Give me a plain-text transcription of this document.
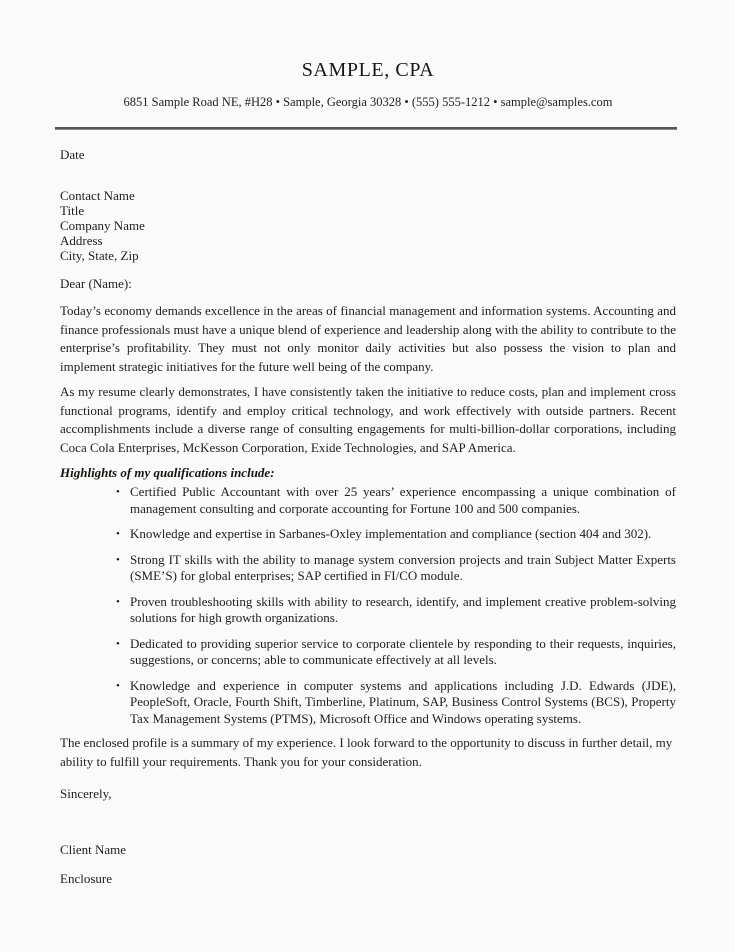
SAMPLE, CPA
6851 Sample Road NE, #H28 • Sample, Georgia 30328 • (555) 555-1212 • sample@samples.com
Date
Contact Name
Title
Company Name
Address
City, State, Zip
Dear (Name):

Today’s economy demands excellence in the areas of financial management and information systems. Accounting and finance professionals must have a unique blend of experience and leadership along with the ability to contribute to the enterprise’s profitability. They must not only monitor daily activities but also possess the vision to plan and implement strategic initiatives for the future well being of the company.

As my resume clearly demonstrates, I have consistently taken the initiative to reduce costs, plan and implement cross functional programs, identify and employ critical technology, and work effectively with outside partners. Recent accomplishments include a diverse range of consulting engagements for multi-billion-dollar corporations, including Coca Cola Enterprises, McKesson Corporation, Exide Technologies, and SAP America.

Highlights of my qualifications include:
• Certified Public Accountant with over 25 years’ experience encompassing a unique combination of management consulting and corporate accounting for Fortune 100 and 500 companies.
• Knowledge and expertise in Sarbanes-Oxley implementation and compliance (section 404 and 302).
• Strong IT skills with the ability to manage system conversion projects and train Subject Matter Experts (SME’S) for global enterprises; SAP certified in FI/CO module.
• Proven troubleshooting skills with ability to research, identify, and implement creative problem-solving solutions for high growth organizations.
• Dedicated to providing superior service to corporate clientele by responding to their requests, inquiries, suggestions, or concerns; able to communicate effectively at all levels.
• Knowledge and experience in computer systems and applications including J.D. Edwards (JDE), PeopleSoft, Oracle, Fourth Shift, Timberline, Platinum, SAP, Business Control Systems (BCS), Property Tax Management Systems (PTMS), Microsoft Office and Windows operating systems.

The enclosed profile is a summary of my experience. I look forward to the opportunity to discuss in further detail, my ability to fulfill your requirements. Thank you for your consideration.

Sincerely,
Client Name
Enclosure
